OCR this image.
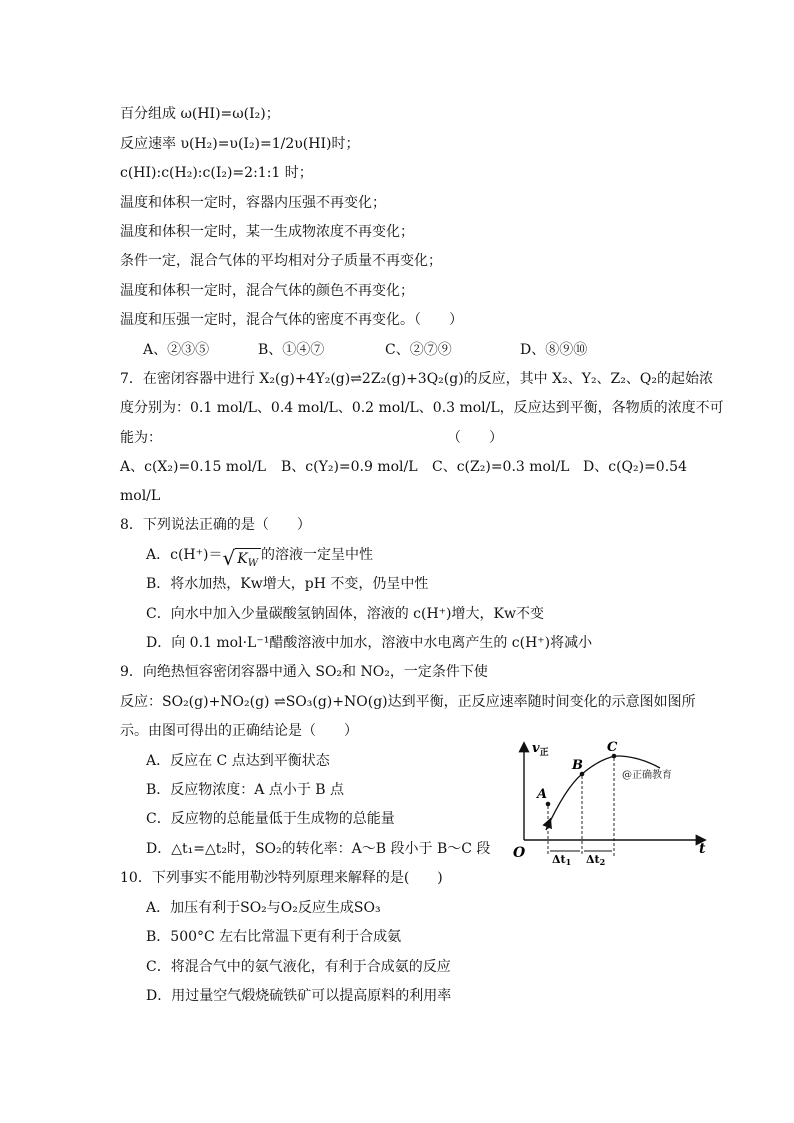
百分组成 ω(HI)=ω(I₂)；
反应速率 υ(H₂)=υ(I₂)=1/2υ(HI)时；
c(HI):c(H₂):c(I₂)=2:1:1 时；
温度和体积一定时，容器内压强不再变化；
温度和体积一定时，某一生成物浓度不再变化；
条件一定，混合气体的平均相对分子质量不再变化；
温度和体积一定时，混合气体的颜色不再变化；
温度和压强一定时，混合气体的密度不再变化。（　　）
A、②③⑤	B、①④⑦	C、②⑦⑨	D、⑧⑨⑩
7．在密闭容器中进行 X₂(g)+4Y₂(g)⇌2Z₂(g)+3Q₂(g)的反应，其中 X₂、Y₂、Z₂、Q₂的起始浓
度分别为：0.1 mol/L、0.4 mol/L、0.2 mol/L、0.3 mol/L，反应达到平衡，各物质的浓度不可
能为：	（　　）
A、c(X₂)=0.15 mol/L B、c(Y₂)=0.9 mol/L C、c(Z₂)=0.3 mol/L D、c(Q₂)=0.54
mol/L
8．下列说法正确的是（　　）
A．c(H⁺)＝√ $K_W$的溶液一定呈中性
B．将水加热，Kw增大，pH 不变，仍呈中性
C．向水中加入少量碳酸氢钠固体，溶液的 c(H⁺)增大，Kw不变
D．向 0.1 mol·L⁻¹醋酸溶液中加水，溶液中水电离产生的 c(H⁺)将减小
9．向绝热恒容密闭容器中通入 SO₂和 NO₂，一定条件下使
反应：SO₂(g)+NO₂(g) ⇌SO₃(g)+NO(g)达到平衡，正反应速率随时间变化的示意图如图所
示。由图可得出的正确结论是（　　）
A．反应在 C 点达到平衡状态
B．反应物浓度：A 点小于 B 点
C．反应物的总能量低于生成物的总能量
D．△t₁=△t₂时，SO₂的转化率：A～B 段小于 B～C 段
$v_正$
t
O
A
B
C
Δt1 Δt2
@正确教育
10．下列事实不能用勒沙特列原理来解释的是(　　)
A．加压有利于SO₂与O₂反应生成SO₃
B．500°C 左右比常温下更有利于合成氨
C．将混合气中的氨气液化，有利于合成氨的反应
D．用过量空气煅烧硫铁矿可以提高原料的利用率
